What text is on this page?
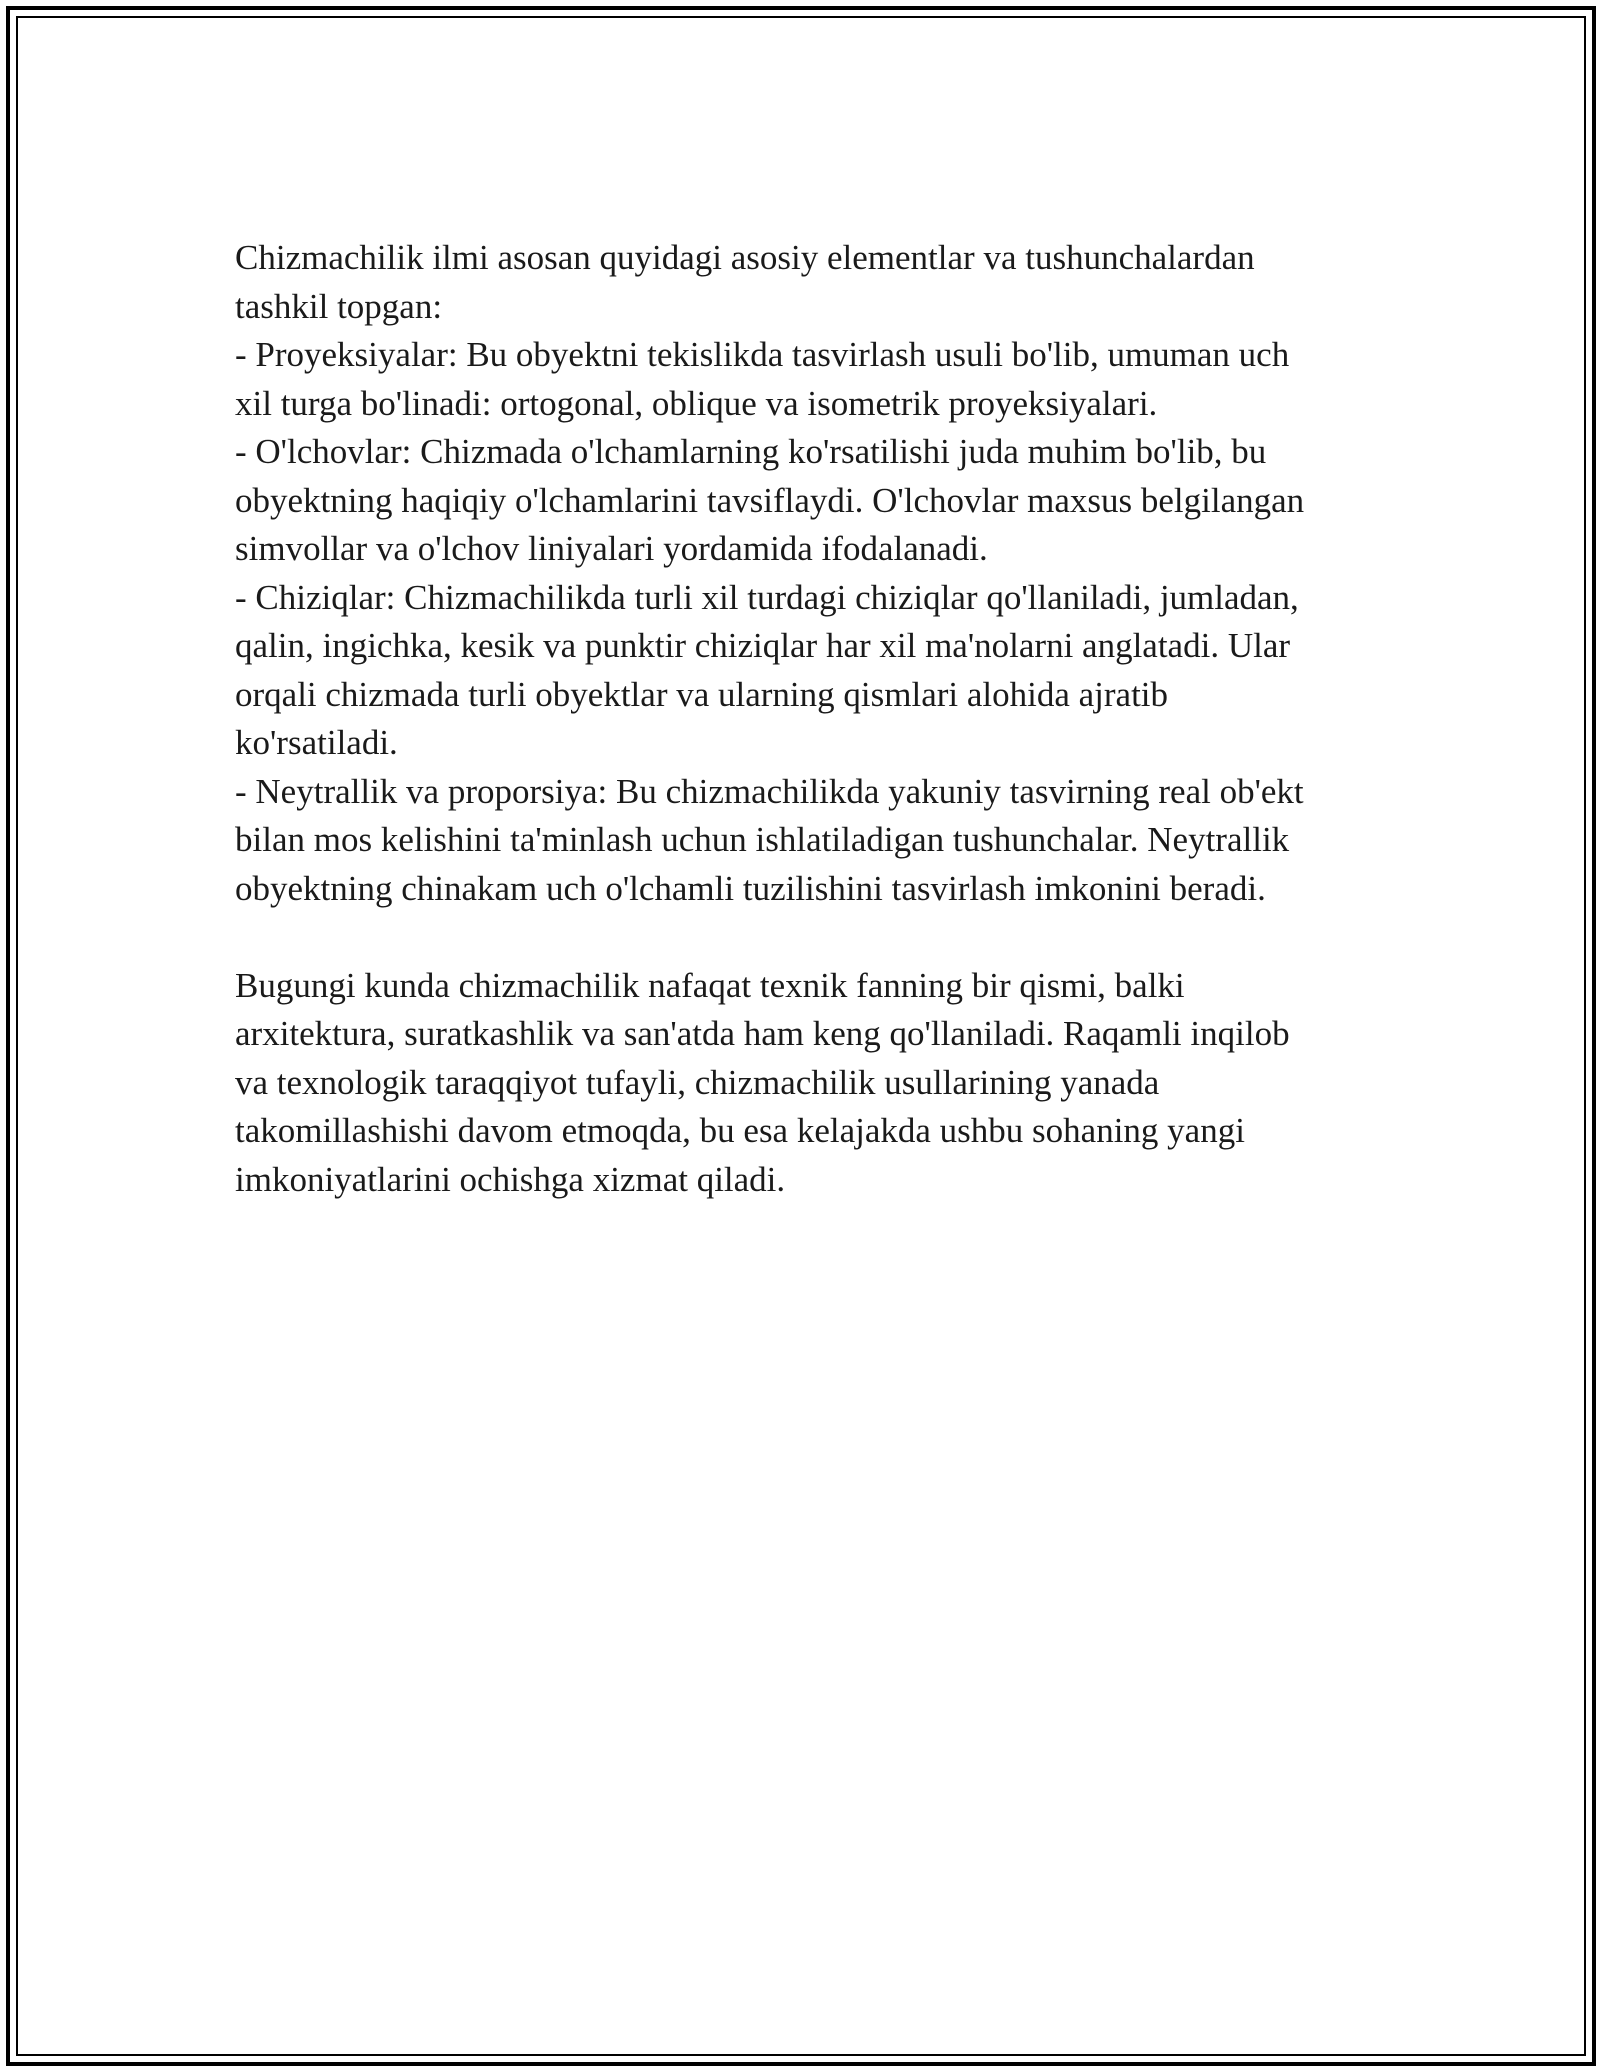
Chizmachilik ilmi asosan quyidagi asosiy elementlar va tushunchalardan
tashkil topgan:
- Proyeksiyalar: Bu obyektni tekislikda tasvirlash usuli bo'lib, umuman uch
xil turga bo'linadi: ortogonal, oblique va isometrik proyeksiyalari.
- O'lchovlar: Chizmada o'lchamlarning ko'rsatilishi juda muhim bo'lib, bu
obyektning haqiqiy o'lchamlarini tavsiflaydi. O'lchovlar maxsus belgilangan
simvollar va o'lchov liniyalari yordamida ifodalanadi.
- Chiziqlar: Chizmachilikda turli xil turdagi chiziqlar qo'llaniladi, jumladan,
qalin, ingichka, kesik va punktir chiziqlar har xil ma'nolarni anglatadi. Ular
orqali chizmada turli obyektlar va ularning qismlari alohida ajratib
ko'rsatiladi.
- Neytrallik va proporsiya: Bu chizmachilikda yakuniy tasvirning real ob'ekt
bilan mos kelishini ta'minlash uchun ishlatiladigan tushunchalar. Neytrallik
obyektning chinakam uch o'lchamli tuzilishini tasvirlash imkonini beradi.
Bugungi kunda chizmachilik nafaqat texnik fanning bir qismi, balki
arxitektura, suratkashlik va san'atda ham keng qo'llaniladi. Raqamli inqilob
va texnologik taraqqiyot tufayli, chizmachilik usullarining yanada
takomillashishi davom etmoqda, bu esa kelajakda ushbu sohaning yangi
imkoniyatlarini ochishga xizmat qiladi.
